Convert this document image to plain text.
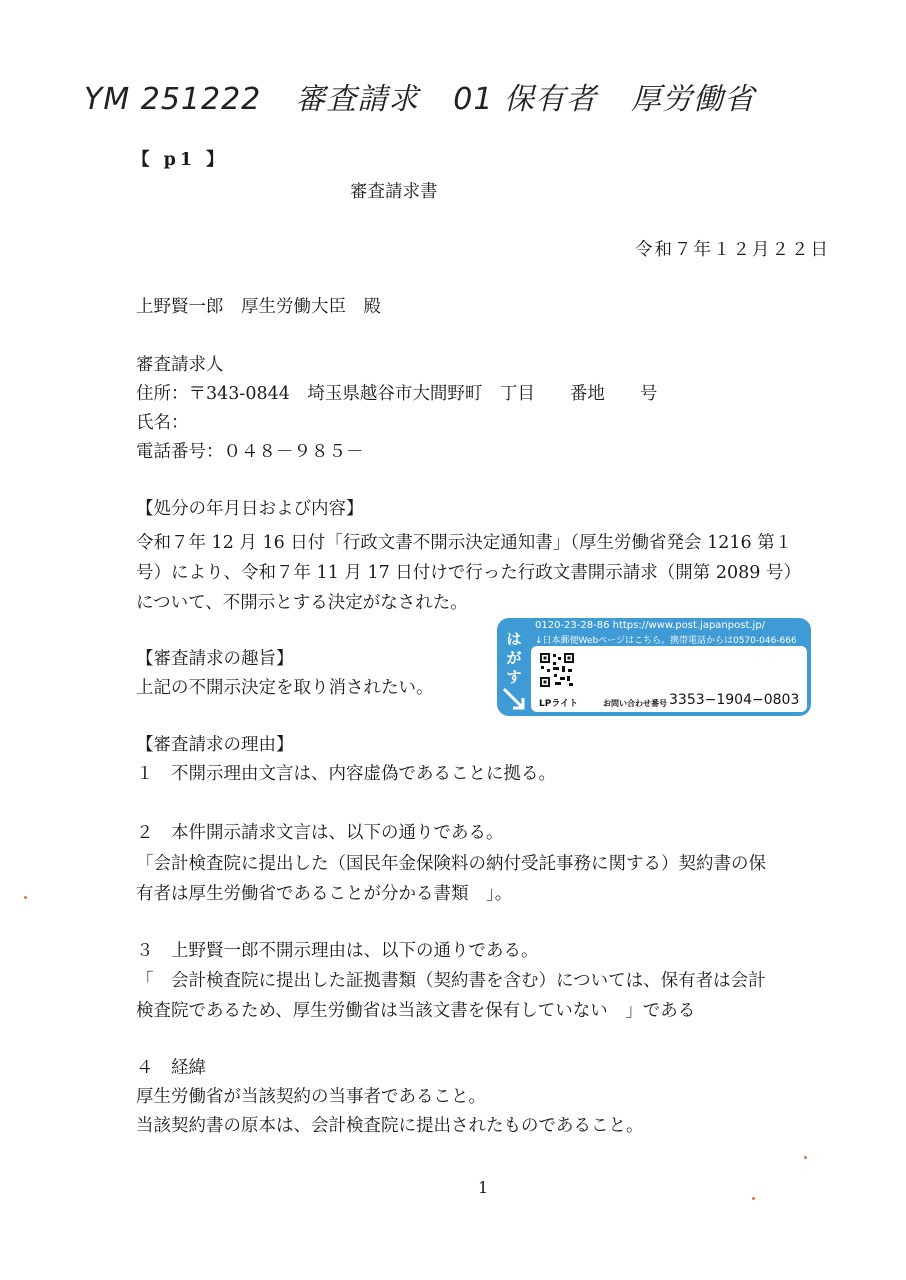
YM 251222 審査請求 01 保有者 厚労働省
【 p1 】
審査請求書
令和７年１２月２２日
上野賢一郎　厚生労働大臣　殿
審査請求人
住所：〒343-0844　埼玉県越谷市大間野町　丁目　　番地　　号
氏名：
電話番号：０４８－９８５－
【処分の年月日および内容】
令和７年 12 月 16 日付「行政文書不開示決定通知書」（厚生労働省発会 1216 第１
号）により、令和７年 11 月 17 日付けで行った行政文書開示請求（開第 2089 号）
について、不開示とする決定がなされた。
【審査請求の趣旨】
上記の不開示決定を取り消されたい。
0120-23-28-86 https://www.post.japanpost.jp/
↓日本郵便Webページはこちら。携帯電話からは0570-046-666
はがす
LPライト	お問い合わせ番号 3353−1904−0803
【審査請求の理由】
１　不開示理由文言は、内容虚偽であることに拠る。
２　本件開示請求文言は、以下の通りである。
「会計検査院に提出した（国民年金保険料の納付受託事務に関する）契約書の保
有者は厚生労働省であることが分かる書類　」。
３　上野賢一郎不開示理由は、以下の通りである。
「　会計検査院に提出した証拠書類（契約書を含む）については、保有者は会計
検査院であるため、厚生労働省は当該文書を保有していない　」である
４　経緯
厚生労働省が当該契約の当事者であること。
当該契約書の原本は、会計検査院に提出されたものであること。
1
